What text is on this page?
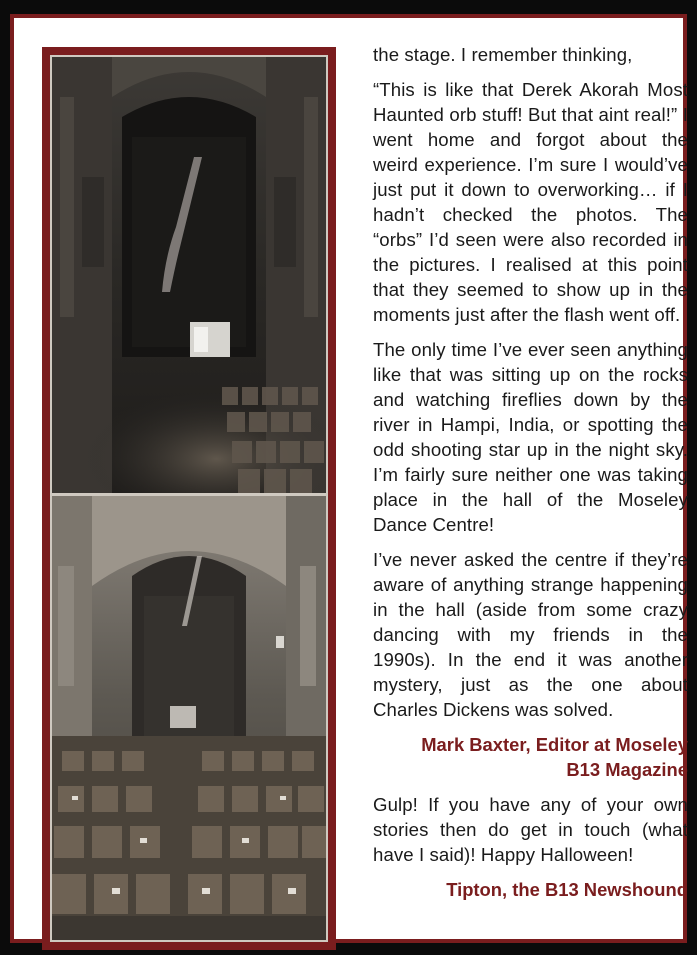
the stage. I remember thinking,

“This is like that Derek Akorah Most Haunted orb stuff! But that aint real!” I went home and forgot about the weird experience. I’m sure I would’ve just put it down to overworking… if I hadn’t checked the photos. The “orbs” I’d seen were also recorded in the pictures. I realised at this point that they seemed to show up in the moments just after the flash went off.

The only time I’ve ever seen anything like that was sitting up on the rocks and watching fireflies down by the river in Hampi, India, or spotting the odd shooting star up in the night sky. I’m fairly sure neither one was taking place in the hall of the Moseley Dance Centre!

I’ve never asked the centre if they’re aware of anything strange happening in the hall (aside from some crazy dancing with my friends in the 1990s). In the end it was another mystery, just as the one about Charles Dickens was solved.

Mark Baxter, Editor at Moseley
B13 Magazine

Gulp! If you have any of your own stories then do get in touch (what have I said)! Happy Halloween!

Tipton, the B13 Newshound
